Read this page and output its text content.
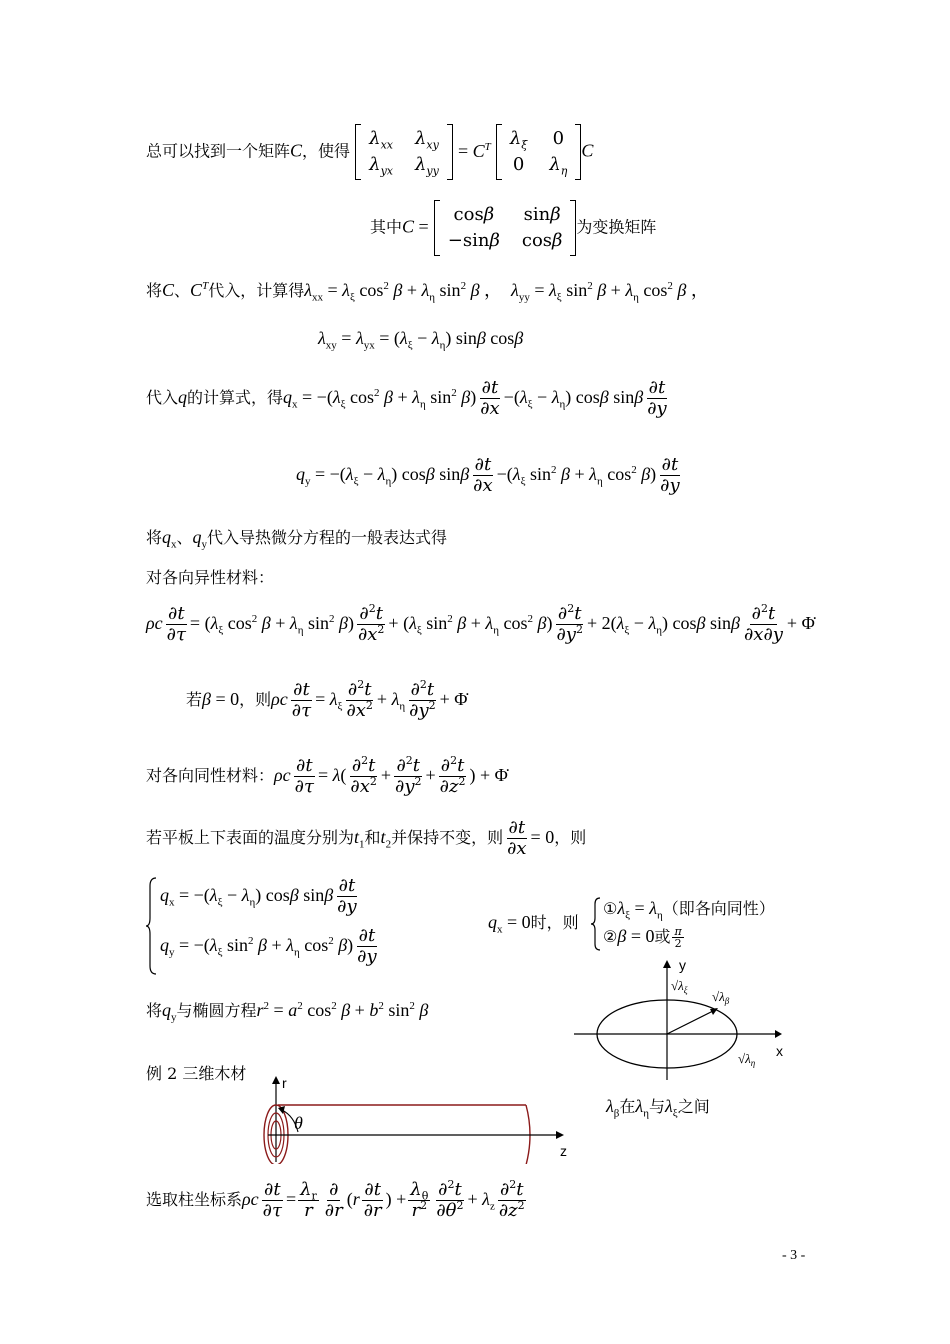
总可以找到一个矩阵C，使得
$\lambda_{xx}$ $\lambda_{xy}$
$\lambda_{yx}$ $\lambda_{yy}$
= $C^T$ $\lambda_\xi$ 0
0 $\lambda_\eta$
C
其中C =
cosβ	sinβ
−sinβ cosβ
为变换矩阵
将C、$C^T$代入，计算得$\lambda_{xx} = \lambda_\xi$ $\cos^2 \beta + \lambda_\eta$ $\sin^2 \beta$ ，  $\lambda_{yy} = \lambda_\xi$ $\sin^2 \beta + \lambda_\eta$ $\cos^2 \beta$ ，
$\lambda_{xy} = \lambda_{yx} = (\lambda_\xi - \lambda_\eta)$ sinβ cosβ
代入q的计算式，得$q_x = -(\lambda_\xi$ $\cos^2 \beta + \lambda_\eta$ $\sin^2 \beta) \frac{\partial t}{\partial x} -(\lambda_\xi - \lambda_\eta)$ cosβ sinβ $\frac{\partial t}{\partial y}$
$q_y = -(\lambda_\xi - \lambda_\eta)$ cosβ sinβ $\frac{\partial t}{\partial x} -(\lambda_\xi$ $\sin^2 \beta + \lambda_\eta$ $\cos^2 \beta) \frac{\partial t}{\partial y}$
将$q_x$、$q_y$代入导热微分方程的一般表达式得
对各向异性材料：
ρc $\frac{\partial t}{\partial\tau} = (\lambda_\xi$ $\cos^2 \beta + \lambda_\eta$ $\sin^2 \beta) \frac{\partial^2t}{\partial x^2} + (\lambda_\xi$ $\sin^2 \beta + \lambda_\eta$ $\cos^2 \beta) \frac{\partial^2t}{\partial y^2} + 2(\lambda_\xi - \lambda_\eta)$ cosβ sinβ $\frac{\partial^2t}{\partial x\partial y}$ + Φ̇
若β = 0，则ρc $\frac{\partial t}{\partial\tau} = \lambda_\xi \frac{\partial^2t}{\partial x^2} + \lambda_\eta \frac{\partial^2t}{\partial y^2}$ + Φ̇
对各向同性材料：ρc $\frac{\partial t}{\partial\tau} = \lambda( \frac{\partial^2t}{\partial x^2} + \frac{\partial^2t}{\partial y^2} + \frac{\partial^2t}{\partial z^2}$ ) + Φ̇
若平板上下表面的温度分别为$t_1$和$t_2$并保持不变，则 $\frac{\partial t}{\partial x} = 0$，则
$q_x = -(\lambda_\xi - \lambda_\eta)$ cosβ sinβ $\frac{\partial t}{\partial y}$
$q_y = -(\lambda_\xi$ $\sin^2 \beta + \lambda_\eta$ $\cos^2 \beta) \frac{\partial t}{\partial y}$
$q_x = 0$时，则
$①\lambda_\xi = \lambda_\eta$（即各向同性）
②β = 0或 $\frac{\pi}{2}$
将$q_y$与椭圆方程$r^2 = a^2$ $\cos^2 \beta + b^2$ $\sin^2 \beta$
x
y
$√\lambda_\xi$ $√\lambda_\beta$
$√\lambda_\eta$
$\lambda_\beta$在$\lambda_\eta$与$\lambda_\xi$之间
例 2 三维木材	r
z
θ
选取柱坐标系ρc $\frac{\partial t}{\partial\tau} = \frac{\lambda_r}{r} \frac{\partial}{\partial r} (r \frac{\partial t}{\partial r}$ ) + $\frac{\lambda_\theta}{r^2} \frac{\partial^2t}{\partial\theta^2} + \lambda_z \frac{\partial^2t}{\partial z^2}$
- 3 -
